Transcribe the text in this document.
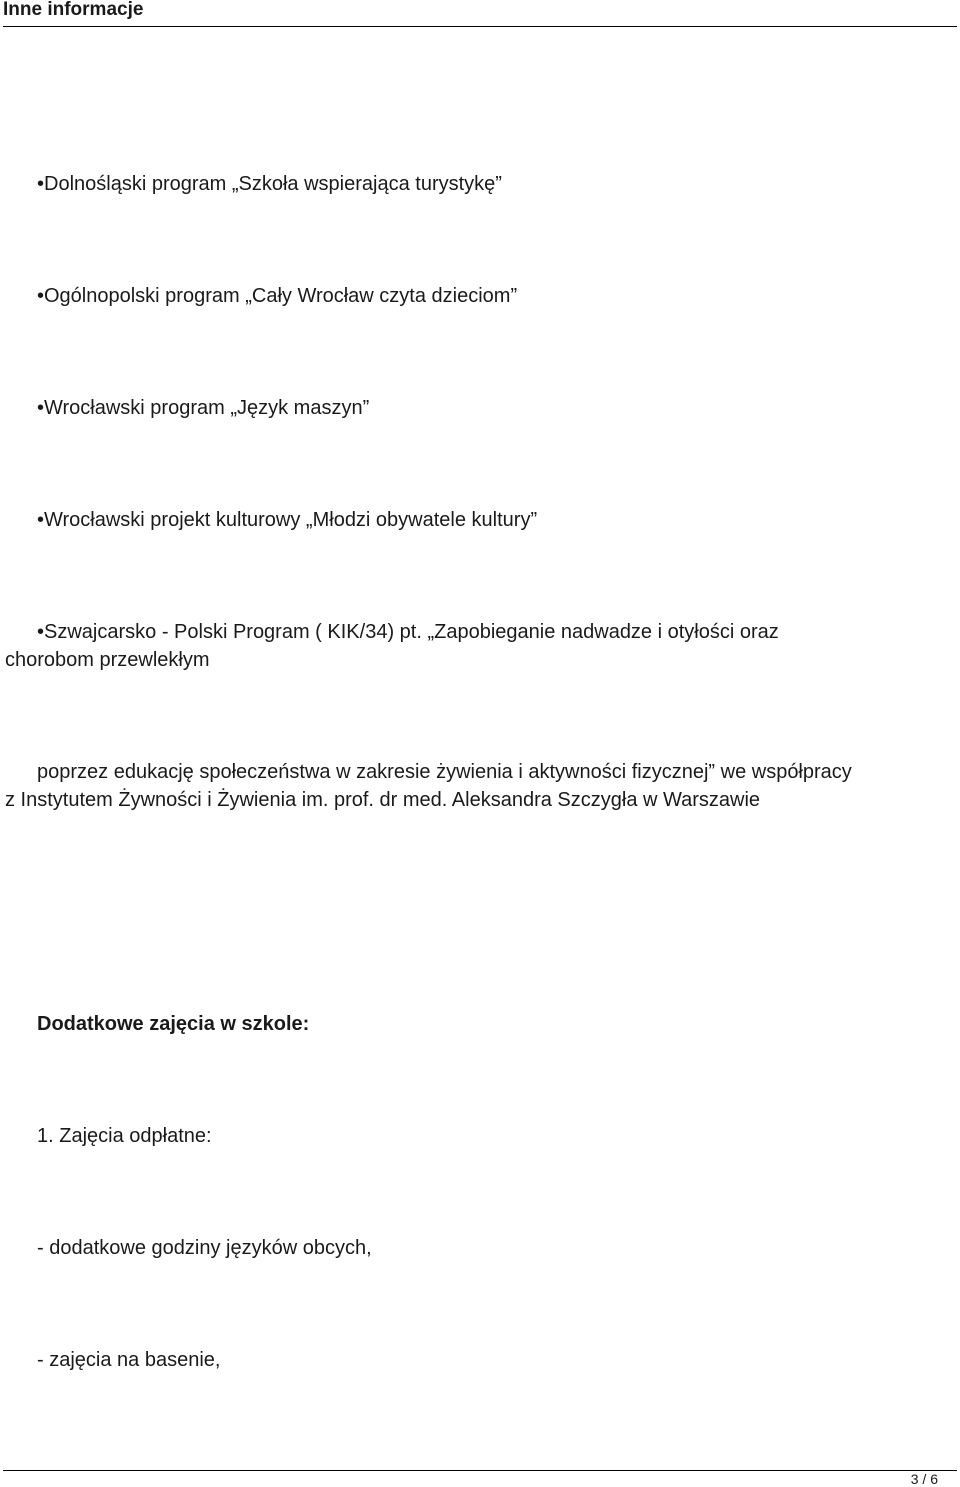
Inne informacje

•Dolnośląski program „Szkoła wspierająca turystykę”

•Ogólnopolski program „Cały Wrocław czyta dzieciom”

•Wrocławski program „Język maszyn”

•Wrocławski projekt kulturowy „Młodzi obywatele kultury”

•Szwajcarsko - Polski Program ( KIK/34) pt. „Zapobieganie nadwadze i otyłości oraz

chorobom przewlekłym

poprzez edukację społeczeństwa w zakresie żywienia i aktywności fizycznej” we współpracy

z Instytutem Żywności i Żywienia im. prof. dr med. Aleksandra Szczygła w Warszawie

Dodatkowe zajęcia w szkole:

1. Zajęcia odpłatne:

- dodatkowe godziny języków obcych,

- zajęcia na basenie,

3 / 6
